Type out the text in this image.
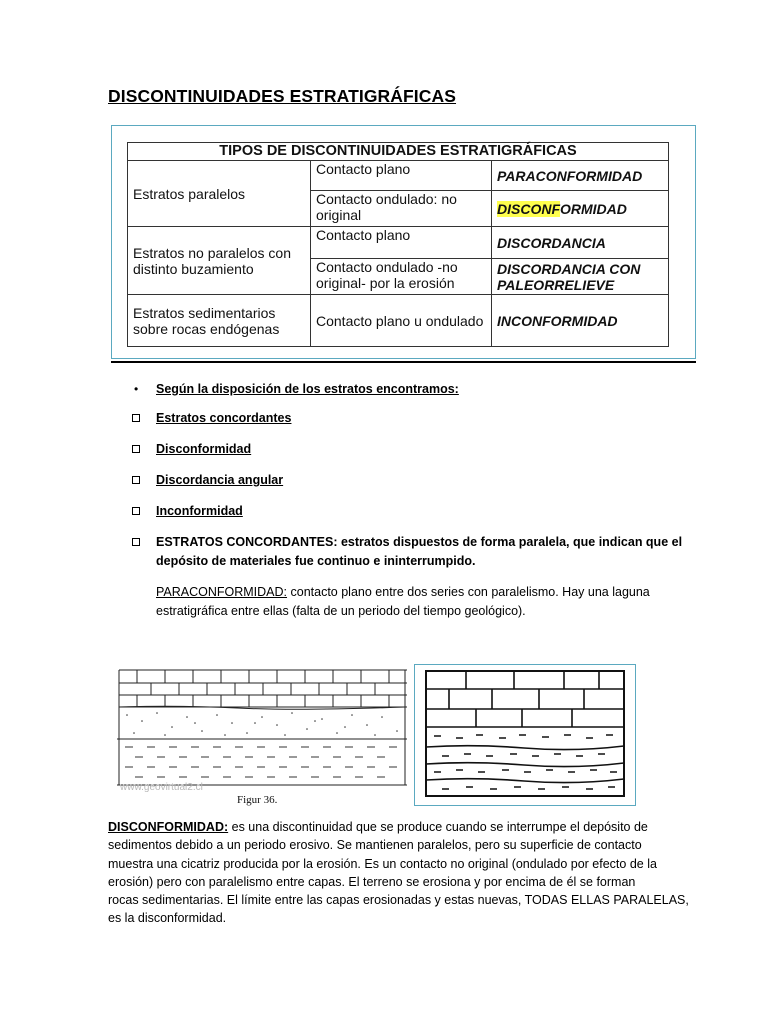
DISCONTINUIDADES ESTRATIGRÁFICAS
TIPOS DE DISCONTINUIDADES ESTRATIGRÁFICAS		
Estratos paralelos	Contacto plano	PARACONFORMIDAD
	Contacto ondulado: no original	DISCONFORMIDAD
Estratos no paralelos con distinto buzamiento	Contacto plano	DISCORDANCIA
	Contacto ondulado -no original- por la erosión	DISCORDANCIA CON PALEORRELIEVE
Estratos sedimentarios sobre rocas endógenas	Contacto plano u ondulado	INCONFORMIDAD
• Según la disposición de los estratos encontramos:
Estratos concordantes
Disconformidad
Discordancia angular
Inconformidad
ESTRATOS CONCORDANTES: estratos dispuestos de forma paralela, que indican que el
depósito de materiales fue continuo e ininterrumpido.
PARACONFORMIDAD: contacto plano entre dos series con paralelismo. Hay una laguna
estratigráfica entre ellas (falta de un periodo del tiempo geológico).
www.geovirtual2.cl
Figur 36.
DISCONFORMIDAD: es una discontinuidad que se produce cuando se interrumpe el depósito de
sedimentos debido a un periodo erosivo. Se mantienen paralelos, pero su superficie de contacto
muestra una cicatriz producida por la erosión. Es un contacto no original (ondulado por efecto de la
erosión) pero con paralelismo entre capas. El terreno se erosiona y por encima de él se forman
rocas sedimentarias. El límite entre las capas erosionadas y estas nuevas, TODAS ELLAS PARALELAS,
es la disconformidad.
